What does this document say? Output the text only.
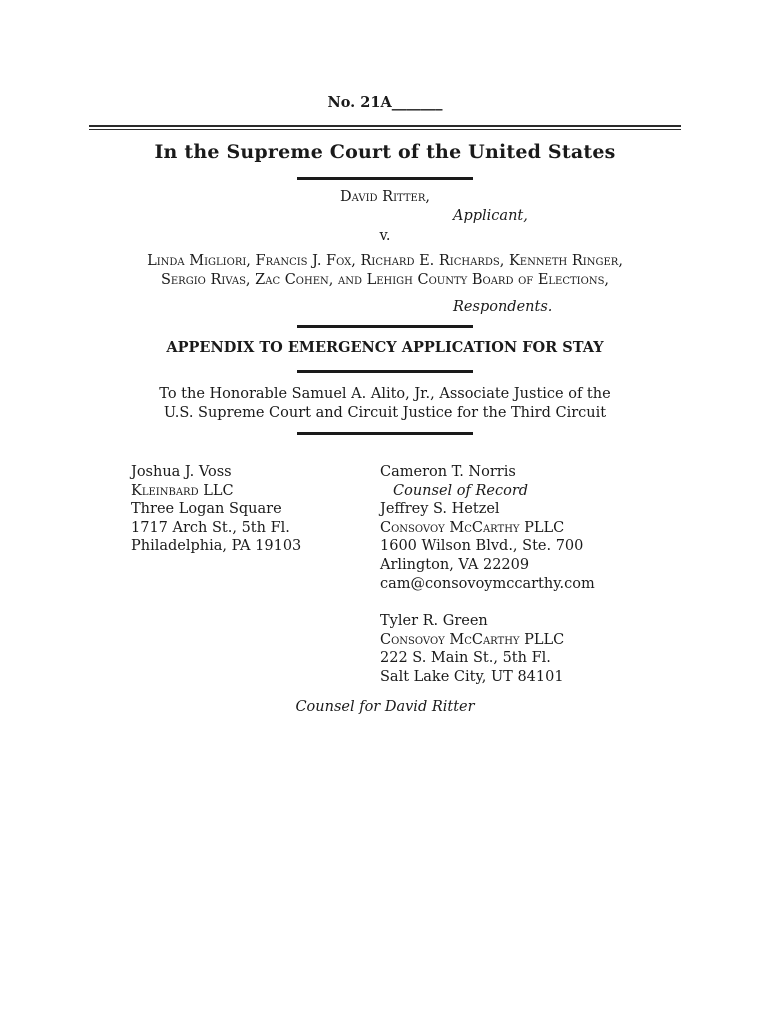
No. 21A_______
In the Supreme Court of the United States
David Ritter,
Applicant,
v.
Linda Migliori, Francis J. Fox, Richard E. Richards, Kenneth Ringer,
Sergio Rivas, Zac Cohen, and Lehigh County Board of Elections,
Respondents.
APPENDIX TO EMERGENCY APPLICATION FOR STAY
To the Honorable Samuel A. Alito, Jr., Associate Justice of the
U.S. Supreme Court and Circuit Justice for the Third Circuit
Joshua J. Voss
Kleinbard LLC
Three Logan Square
1717 Arch St., 5th Fl.
Philadelphia, PA 19103
Cameron T. Norris
Counsel of Record
Jeffrey S. Hetzel
Consovoy McCarthy PLLC
1600 Wilson Blvd., Ste. 700
Arlington, VA 22209
cam@consovoymccarthy.com
Tyler R. Green
Consovoy McCarthy PLLC
222 S. Main St., 5th Fl.
Salt Lake City, UT 84101
Counsel for David Ritter
